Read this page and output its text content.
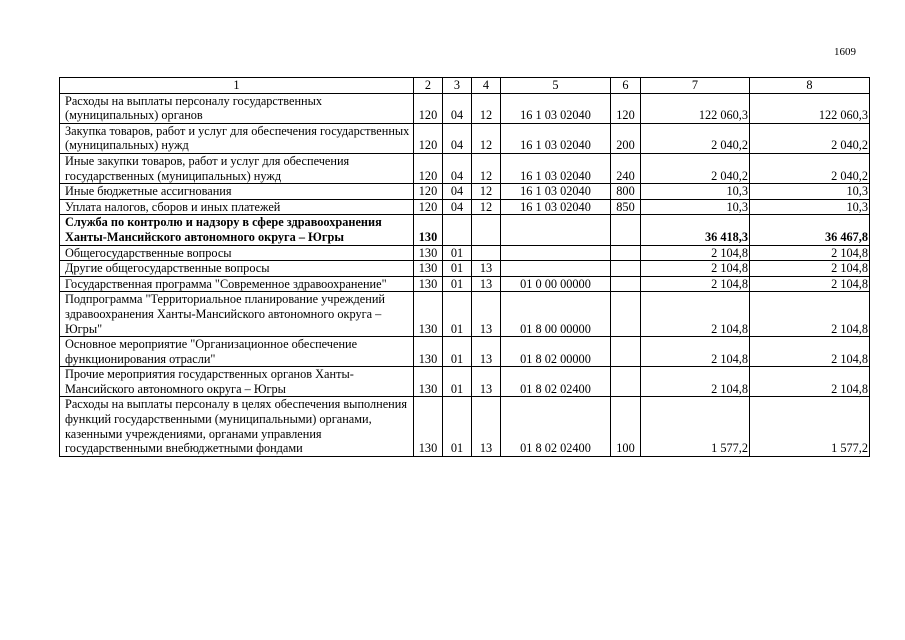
1609
1	2	3	4	5	6	7	8
Расходы на выплаты персоналу государственных (муниципальных) органов	120	04	12	16 1 03 02040	120	122 060,3	122 060,3
Закупка товаров, работ и услуг для обеспечения государственных (муниципальных) нужд	120	04	12	16 1 03 02040	200	2 040,2	2 040,2
Иные закупки товаров, работ и услуг для обеспечения государственных (муниципальных) нужд	120	04	12	16 1 03 02040	240	2 040,2	2 040,2
Иные бюджетные ассигнования	120	04	12	16 1 03 02040	800	10,3	10,3
Уплата налогов, сборов и иных платежей	120	04	12	16 1 03 02040	850	10,3	10,3
Служба по контролю и надзору в сфере здравоохранения Ханты-Мансийского автономного округа – Югры	130					36 418,3	36 467,8
Общегосударственные вопросы	130	01				2 104,8	2 104,8
Другие общегосударственные вопросы	130	01	13			2 104,8	2 104,8
Государственная программа "Современное здравоохранение"	130	01	13	01 0 00 00000		2 104,8	2 104,8
Подпрограмма "Территориальное планирование учреждений здравоохранения Ханты-Мансийского автономного округа – Югры"	130	01	13	01 8 00 00000		2 104,8	2 104,8
Основное мероприятие "Организационное обеспечение функционирования отрасли"	130	01	13	01 8 02 00000		2 104,8	2 104,8
Прочие мероприятия государственных органов Ханты-Мансийского автономного округа – Югры	130	01	13	01 8 02 02400		2 104,8	2 104,8
Расходы на выплаты персоналу в целях обеспечения выполнения функций государственными (муниципальными) органами, казенными учреждениями, органами управления государственными внебюджетными фондами	130	01	13	01 8 02 02400	100	1 577,2	1 577,2
